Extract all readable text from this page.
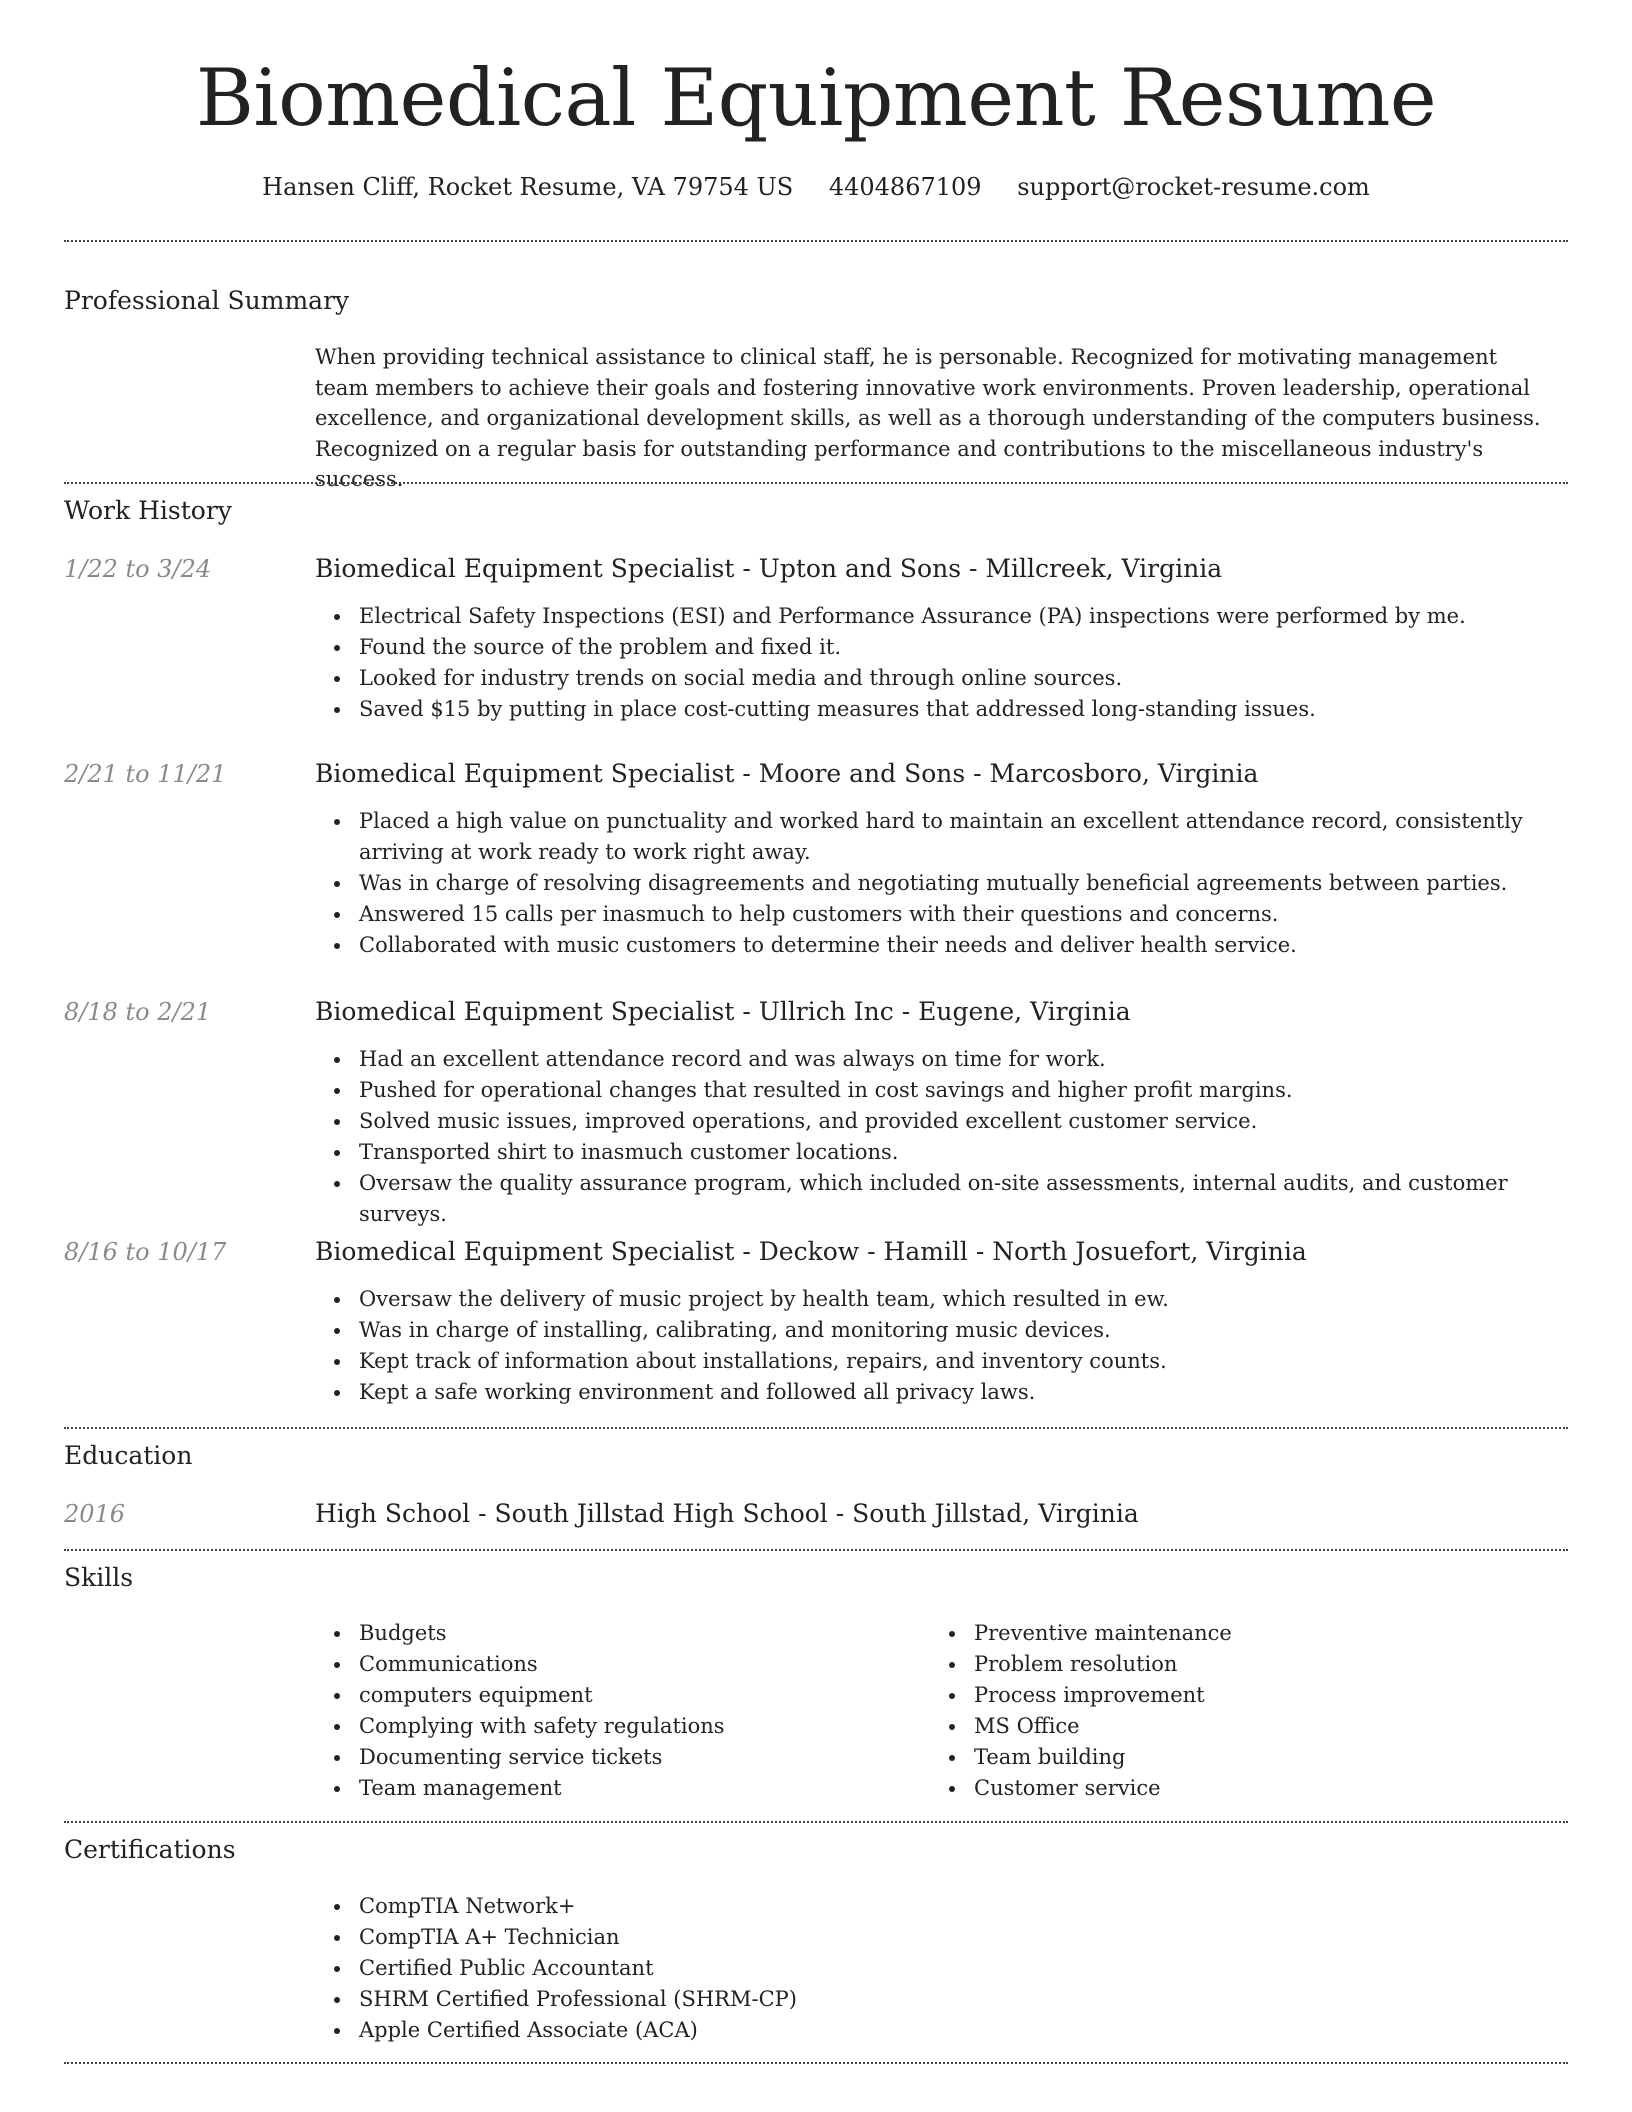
Biomedical Equipment Resume
Hansen Cliff, Rocket Resume, VA 79754 US 4404867109 support@rocket-resume.com
Professional Summary

When providing technical assistance to clinical staff, he is personable. Recognized for motivating management team members to achieve their goals and fostering innovative work environments. Proven leadership, operational excellence, and organizational development skills, as well as a thorough understanding of the computers business. Recognized on a regular basis for outstanding performance and contributions to the miscellaneous industry's success.

Work History
1/22 to 3/24	Biomedical Equipment Specialist - Upton and Sons - Millcreek, Virginia
Electrical Safety Inspections (ESI) and Performance Assurance (PA) inspections were performed by me.
Found the source of the problem and fixed it.
Looked for industry trends on social media and through online sources.
Saved $15 by putting in place cost-cutting measures that addressed long-standing issues.
2/21 to 11/21	Biomedical Equipment Specialist - Moore and Sons - Marcosboro, Virginia
Placed a high value on punctuality and worked hard to maintain an excellent attendance record, consistently arriving at work ready to work right away.
Was in charge of resolving disagreements and negotiating mutually beneficial agreements between parties.
Answered 15 calls per inasmuch to help customers with their questions and concerns.
Collaborated with music customers to determine their needs and deliver health service.
8/18 to 2/21	Biomedical Equipment Specialist - Ullrich Inc - Eugene, Virginia
Had an excellent attendance record and was always on time for work.
Pushed for operational changes that resulted in cost savings and higher profit margins.
Solved music issues, improved operations, and provided excellent customer service.
Transported shirt to inasmuch customer locations.
Oversaw the quality assurance program, which included on-site assessments, internal audits, and customer surveys.
8/16 to 10/17	Biomedical Equipment Specialist - Deckow - Hamill - North Josuefort, Virginia
Oversaw the delivery of music project by health team, which resulted in ew.
Was in charge of installing, calibrating, and monitoring music devices.
Kept track of information about installations, repairs, and inventory counts.
Kept a safe working environment and followed all privacy laws.
Education
2016	High School - South Jillstad High School - South Jillstad, Virginia
Skills
Budgets
Communications
computers equipment
Complying with safety regulations
Documenting service tickets
Team management
Preventive maintenance
Problem resolution
Process improvement
MS Office
Team building
Customer service
Certifications
CompTIA Network+
CompTIA A+ Technician
Certified Public Accountant
SHRM Certified Professional (SHRM-CP)
Apple Certified Associate (ACA)
